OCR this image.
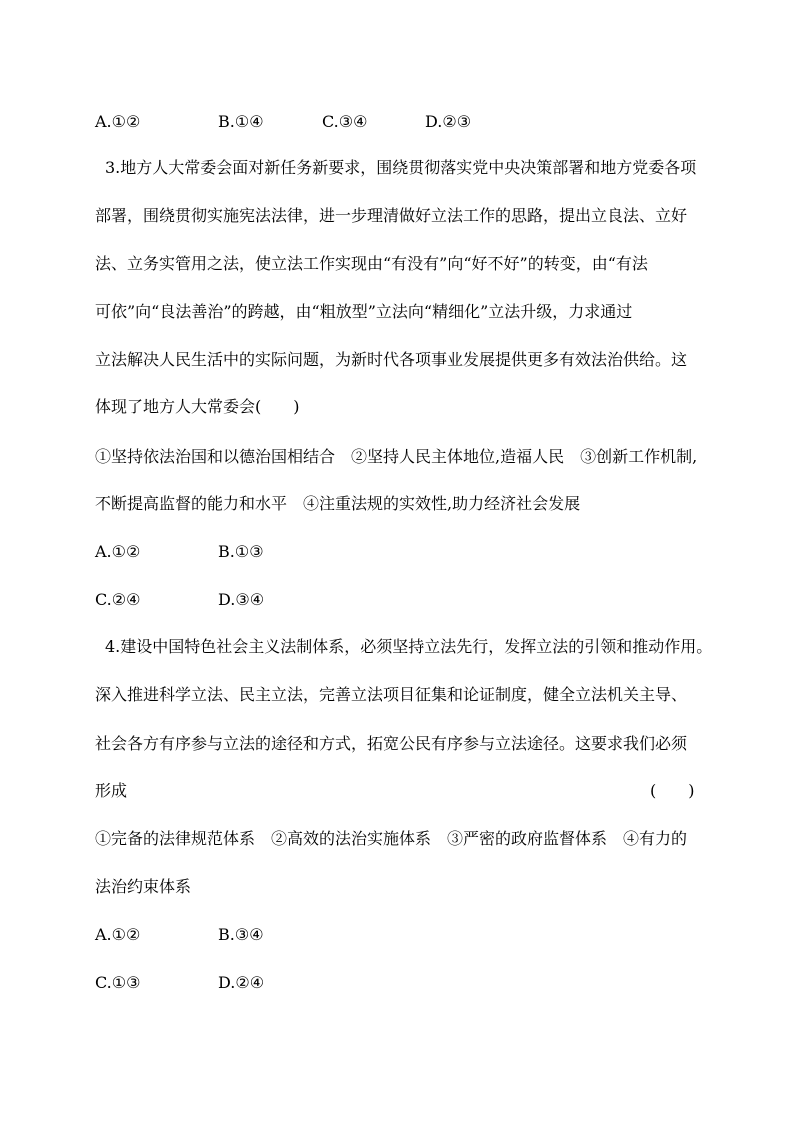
A.①②	B.①④	C.③④	D.②③
3.地方人大常委会面对新任务新要求，围绕贯彻落实党中央决策部署和地方党委各项
部署，围绕贯彻实施宪法法律，进一步理清做好立法工作的思路，提出立良法、立好
法、立务实管用之法，使立法工作实现由“有没有”向“好不好”的转变，由“有法
可依”向“良法善治”的跨越，由“粗放型”立法向“精细化”立法升级，力求通过
立法解决人民生活中的实际问题，为新时代各项事业发展提供更多有效法治供给。这
体现了地方人大常委会(　　)
①坚持依法治国和以德治国相结合　②坚持人民主体地位,造福人民　③创新工作机制,
不断提高监督的能力和水平　④注重法规的实效性,助力经济社会发展
A.①②	B.①③
C.②④	D.③④
4.建设中国特色社会主义法制体系，必须坚持立法先行，发挥立法的引领和推动作用。
深入推进科学立法、民主立法，完善立法项目征集和论证制度，健全立法机关主导、
社会各方有序参与立法的途径和方式，拓宽公民有序参与立法途径。这要求我们必须
形成	(　　)
①完备的法律规范体系　②高效的法治实施体系　③严密的政府监督体系　④有力的
法治约束体系
A.①②	B.③④
C.①③	D.②④
